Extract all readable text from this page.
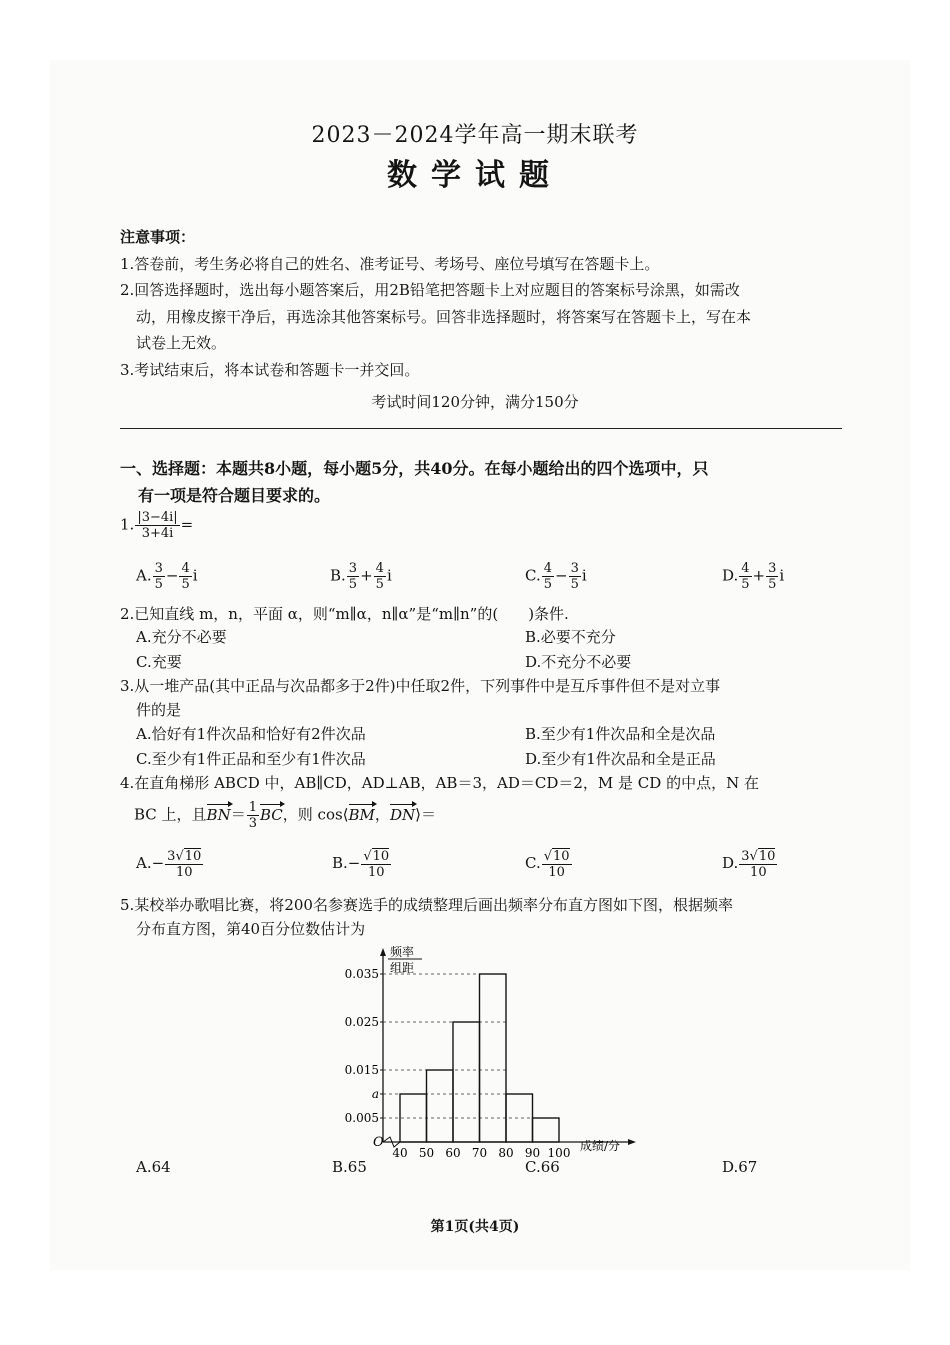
2023－2024学年高一期末联考
数学试题
注意事项：
1.答卷前，考生务必将自己的姓名、准考证号、考场号、座位号填写在答题卡上。
2.回答选择题时，选出每小题答案后，用2B铅笔把答题卡上对应题目的答案标号涂黑，如需改
动，用橡皮擦干净后，再选涂其他答案标号。回答非选择题时，将答案写在答题卡上，写在本
试卷上无效。
3.考试结束后，将本试卷和答题卡一并交回。
考试时间120分钟，满分150分
一、选择题：本题共8小题，每小题5分，共40分。在每小题给出的四个选项中，只
有一项是符合题目要求的。
1. $\frac{|3-4i|}{3+4i}$ =
A. $\frac{3}{5} - \frac{4}{5}$ i	B. $\frac{3}{5} + \frac{4}{5}$ i	C. $\frac{4}{5} - \frac{3}{5}$ i	D. $\frac{4}{5} + \frac{3}{5}$ i
2.已知直线 m，n，平面 α，则“m∥α，n∥α”是“m∥n”的(　　)条件.
A.充分不必要	B.必要不充分
C.充要	D.不充分不必要
3.从一堆产品(其中正品与次品都多于2件)中任取2件，下列事件中是互斥事件但不是对立事
件的是
A.恰好有1件次品和恰好有2件次品	B.至少有1件次品和全是次品
C.至少有1件正品和至少有1件次品	D.至少有1件次品和全是正品
4.在直角梯形 ABCD 中，AB∥CD，AD⊥AB，AB＝3，AD＝CD＝2，M 是 CD 的中点，N 在
BC 上，且$BN= \frac{1}{3}$ BC，则 cos⟨BM，DN⟩＝
$A.- \frac{3√10}{10}$	$B.- \frac{√10}{10}$	C. $\frac{√10}{10}$	D. $\frac{3√10}{10}$
5.某校举办歌唱比赛，将200名参赛选手的成绩整理后画出频率分布直方图如下图，根据频率
分布直方图，第40百分位数估计为
频率
组距
O	成绩/分
0.005
a
0.015
0.025
0.035
40 50 60 70 80 90 100
A.64	B.65	C.66	D.67
第1页(共4页)
